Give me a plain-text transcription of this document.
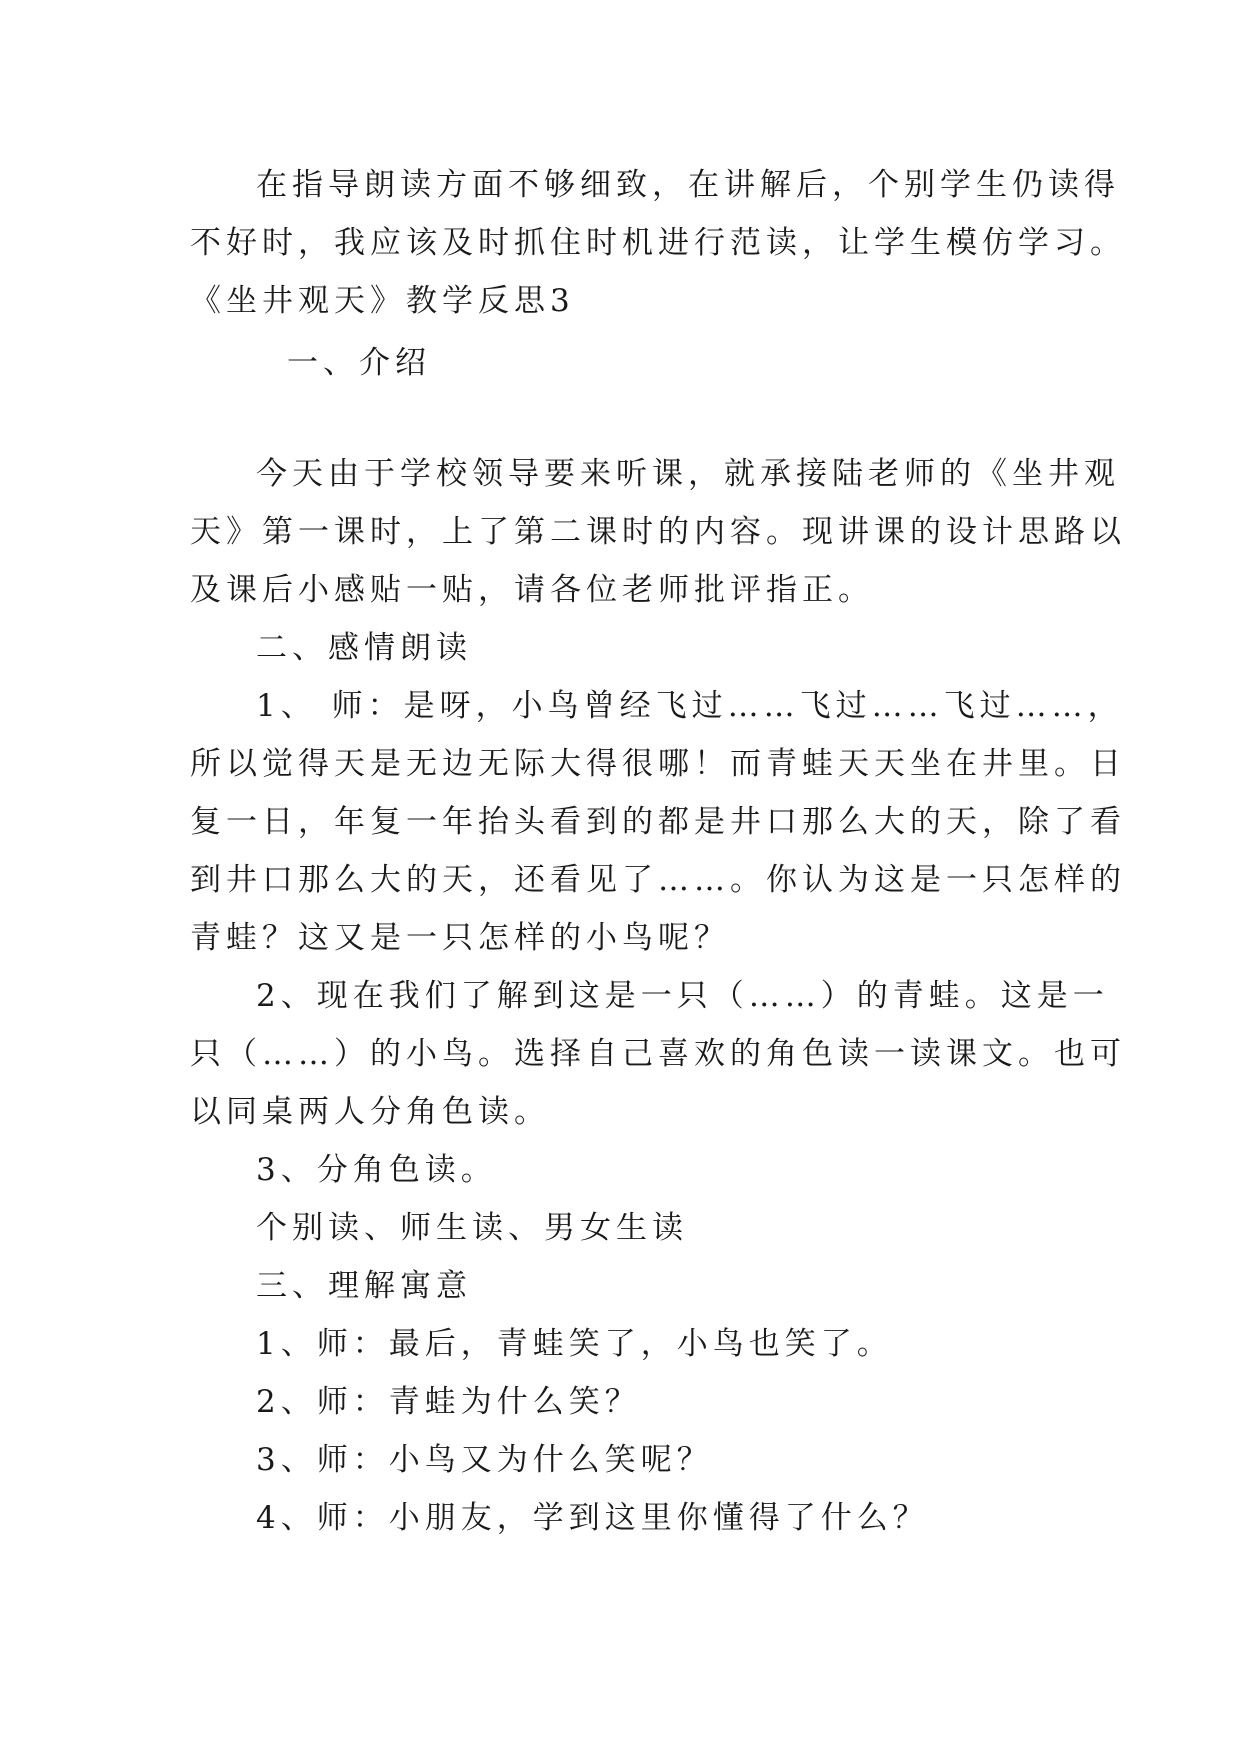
在指导朗读方面不够细致，在讲解后，个别学生仍读得

不好时，我应该及时抓住时机进行范读，让学生模仿学习。

《坐井观天》教学反思3

一、介绍

今天由于学校领导要来听课，就承接陆老师的《坐井观

天》第一课时，上了第二课时的内容。现讲课的设计思路以

及课后小感贴一贴，请各位老师批评指正。

二、感情朗读

1、 师：是呀，小鸟曾经飞过……飞过……飞过……，

所以觉得天是无边无际大得很哪！而青蛙天天坐在井里。日

复一日，年复一年抬头看到的都是井口那么大的天，除了看

到井口那么大的天，还看见了……。你认为这是一只怎样的

青蛙？这又是一只怎样的小鸟呢？

2、现在我们了解到这是一只（……）的青蛙。这是一

只（……）的小鸟。选择自己喜欢的角色读一读课文。也可

以同桌两人分角色读。

3、分角色读。

个别读、师生读、男女生读

三、理解寓意

1、师：最后，青蛙笑了，小鸟也笑了。

2、师：青蛙为什么笑？

3、师：小鸟又为什么笑呢？

4、师：小朋友，学到这里你懂得了什么？
